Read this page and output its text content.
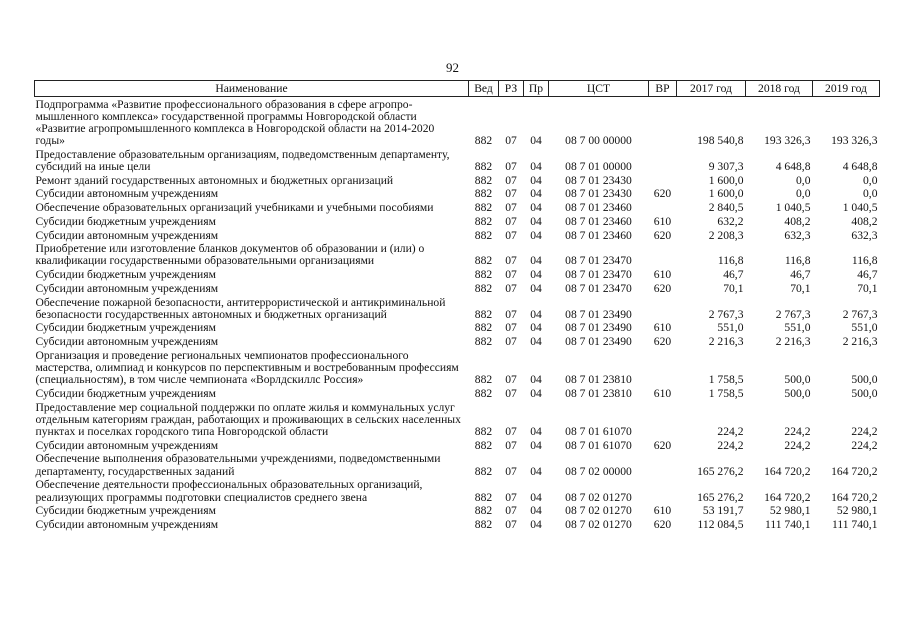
92
Наименование	Вед	РЗ	Пр	ЦСТ	ВР	2017 год	2018 год	2019 год
Подпрограмма «Развитие профессионального образования в сфере агропромышленного комплекса» государственной программы Новгородской области «Развитие агропромышленного комплекса в Новгородской области на 2014-2020 годы»	882	07	04	08 7 00 00000		198 540,8	193 326,3	193 326,3
Предоставление образовательным организациям, подведомственным департаменту, субсидий на иные цели	882	07	04	08 7 01 00000		9 307,3	4 648,8	4 648,8
Ремонт зданий государственных автономных и бюджетных организаций	882	07	04	08 7 01 23430		1 600,0	0,0	0,0
Субсидии автономным учреждениям	882	07	04	08 7 01 23430	620	1 600,0	0,0	0,0
Обеспечение образовательных организаций учебниками и учебными пособиями	882	07	04	08 7 01 23460		2 840,5	1 040,5	1 040,5
Субсидии бюджетным учреждениям	882	07	04	08 7 01 23460	610	632,2	408,2	408,2
Субсидии автономным учреждениям	882	07	04	08 7 01 23460	620	2 208,3	632,3	632,3
Приобретение или изготовление бланков документов об образовании и (или) о квалификации государственными образовательными организациями	882	07	04	08 7 01 23470		116,8	116,8	116,8
Субсидии бюджетным учреждениям	882	07	04	08 7 01 23470	610	46,7	46,7	46,7
Субсидии автономным учреждениям	882	07	04	08 7 01 23470	620	70,1	70,1	70,1
Обеспечение пожарной безопасности, антитеррористической и антикриминальной безопасности государственных автономных и бюджетных организаций	882	07	04	08 7 01 23490		2 767,3	2 767,3	2 767,3
Субсидии бюджетным учреждениям	882	07	04	08 7 01 23490	610	551,0	551,0	551,0
Субсидии автономным учреждениям	882	07	04	08 7 01 23490	620	2 216,3	2 216,3	2 216,3
Организация и проведение региональных чемпионатов профессионального мастерства, олимпиад и конкурсов по перспективным и востребованным профессиям (специальностям), в том числе чемпионата «Ворлдскиллс Россия»	882	07	04	08 7 01 23810		1 758,5	500,0	500,0
Субсидии бюджетным учреждениям	882	07	04	08 7 01 23810	610	1 758,5	500,0	500,0
Предоставление мер социальной поддержки по оплате жилья и коммунальных услуг отдельным категориям граждан, работающих и проживающих в сельских населенных пунктах и поселках городского типа Новгородской области	882	07	04	08 7 01 61070		224,2	224,2	224,2
Субсидии автономным учреждениям	882	07	04	08 7 01 61070	620	224,2	224,2	224,2
Обеспечение выполнения образовательными учреждениями, подведомственными департаменту, государственных заданий	882	07	04	08 7 02 00000		165 276,2	164 720,2	164 720,2
Обеспечение деятельности профессиональных образовательных организаций, реализующих программы подготовки специалистов среднего звена	882	07	04	08 7 02 01270		165 276,2	164 720,2	164 720,2
Субсидии бюджетным учреждениям	882	07	04	08 7 02 01270	610	53 191,7	52 980,1	52 980,1
Субсидии автономным учреждениям	882	07	04	08 7 02 01270	620	112 084,5	111 740,1	111 740,1
